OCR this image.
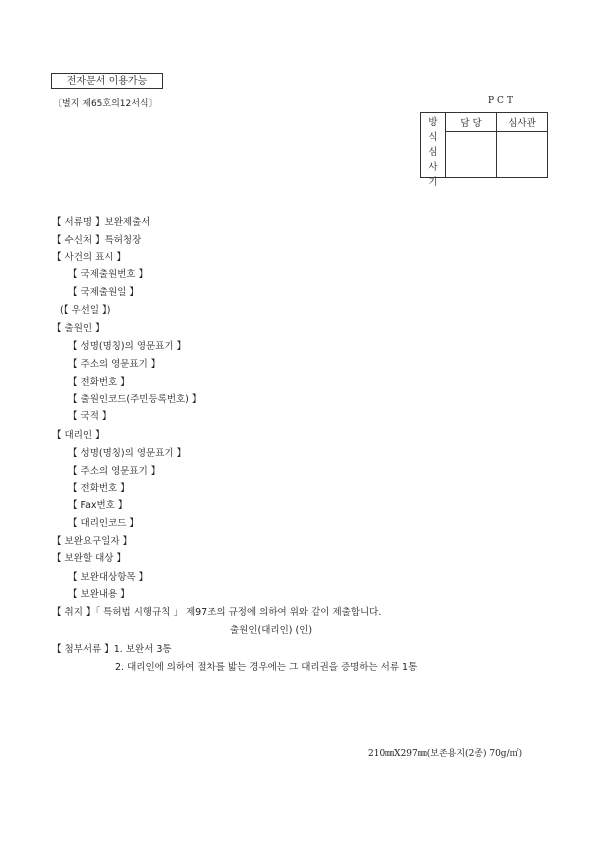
전자문서 이용가능
〔별지 제65호의12서식〕	PCT
방
식
심
사
기	담 당	심사관

【 서류명 】보완제출서
【 수신처 】특허청장
【 사건의 표시 】
【 국제출원번호 】
【 국제출원일 】
(【 우선일 】)
【 출원인 】
【 성명(명칭)의 영문표기 】
【 주소의 영문표기 】
【 전화번호 】
【 출원인코드(주민등록번호) 】
【 국적 】
【 대리인 】
【 성명(명칭)의 영문표기 】
【 주소의 영문표기 】
【 전화번호 】
【 Fax번호 】
【 대리인코드 】
【 보완요구일자 】
【 보완할 대상 】
【 보완대상항목 】
【 보완내용 】
【 취지 】「 특허법 시행규칙 」 제97조의 규정에 의하여 위와 같이 제출합니다.
출원인(대리인) (인)
【 첨부서류 】1. 보완서 3통
2. 대리인에 의하여 절차를 밟는 경우에는 그 대리권을 증명하는 서류 1통
210㎜X297㎜(보존용지(2종) 70g/㎡)
